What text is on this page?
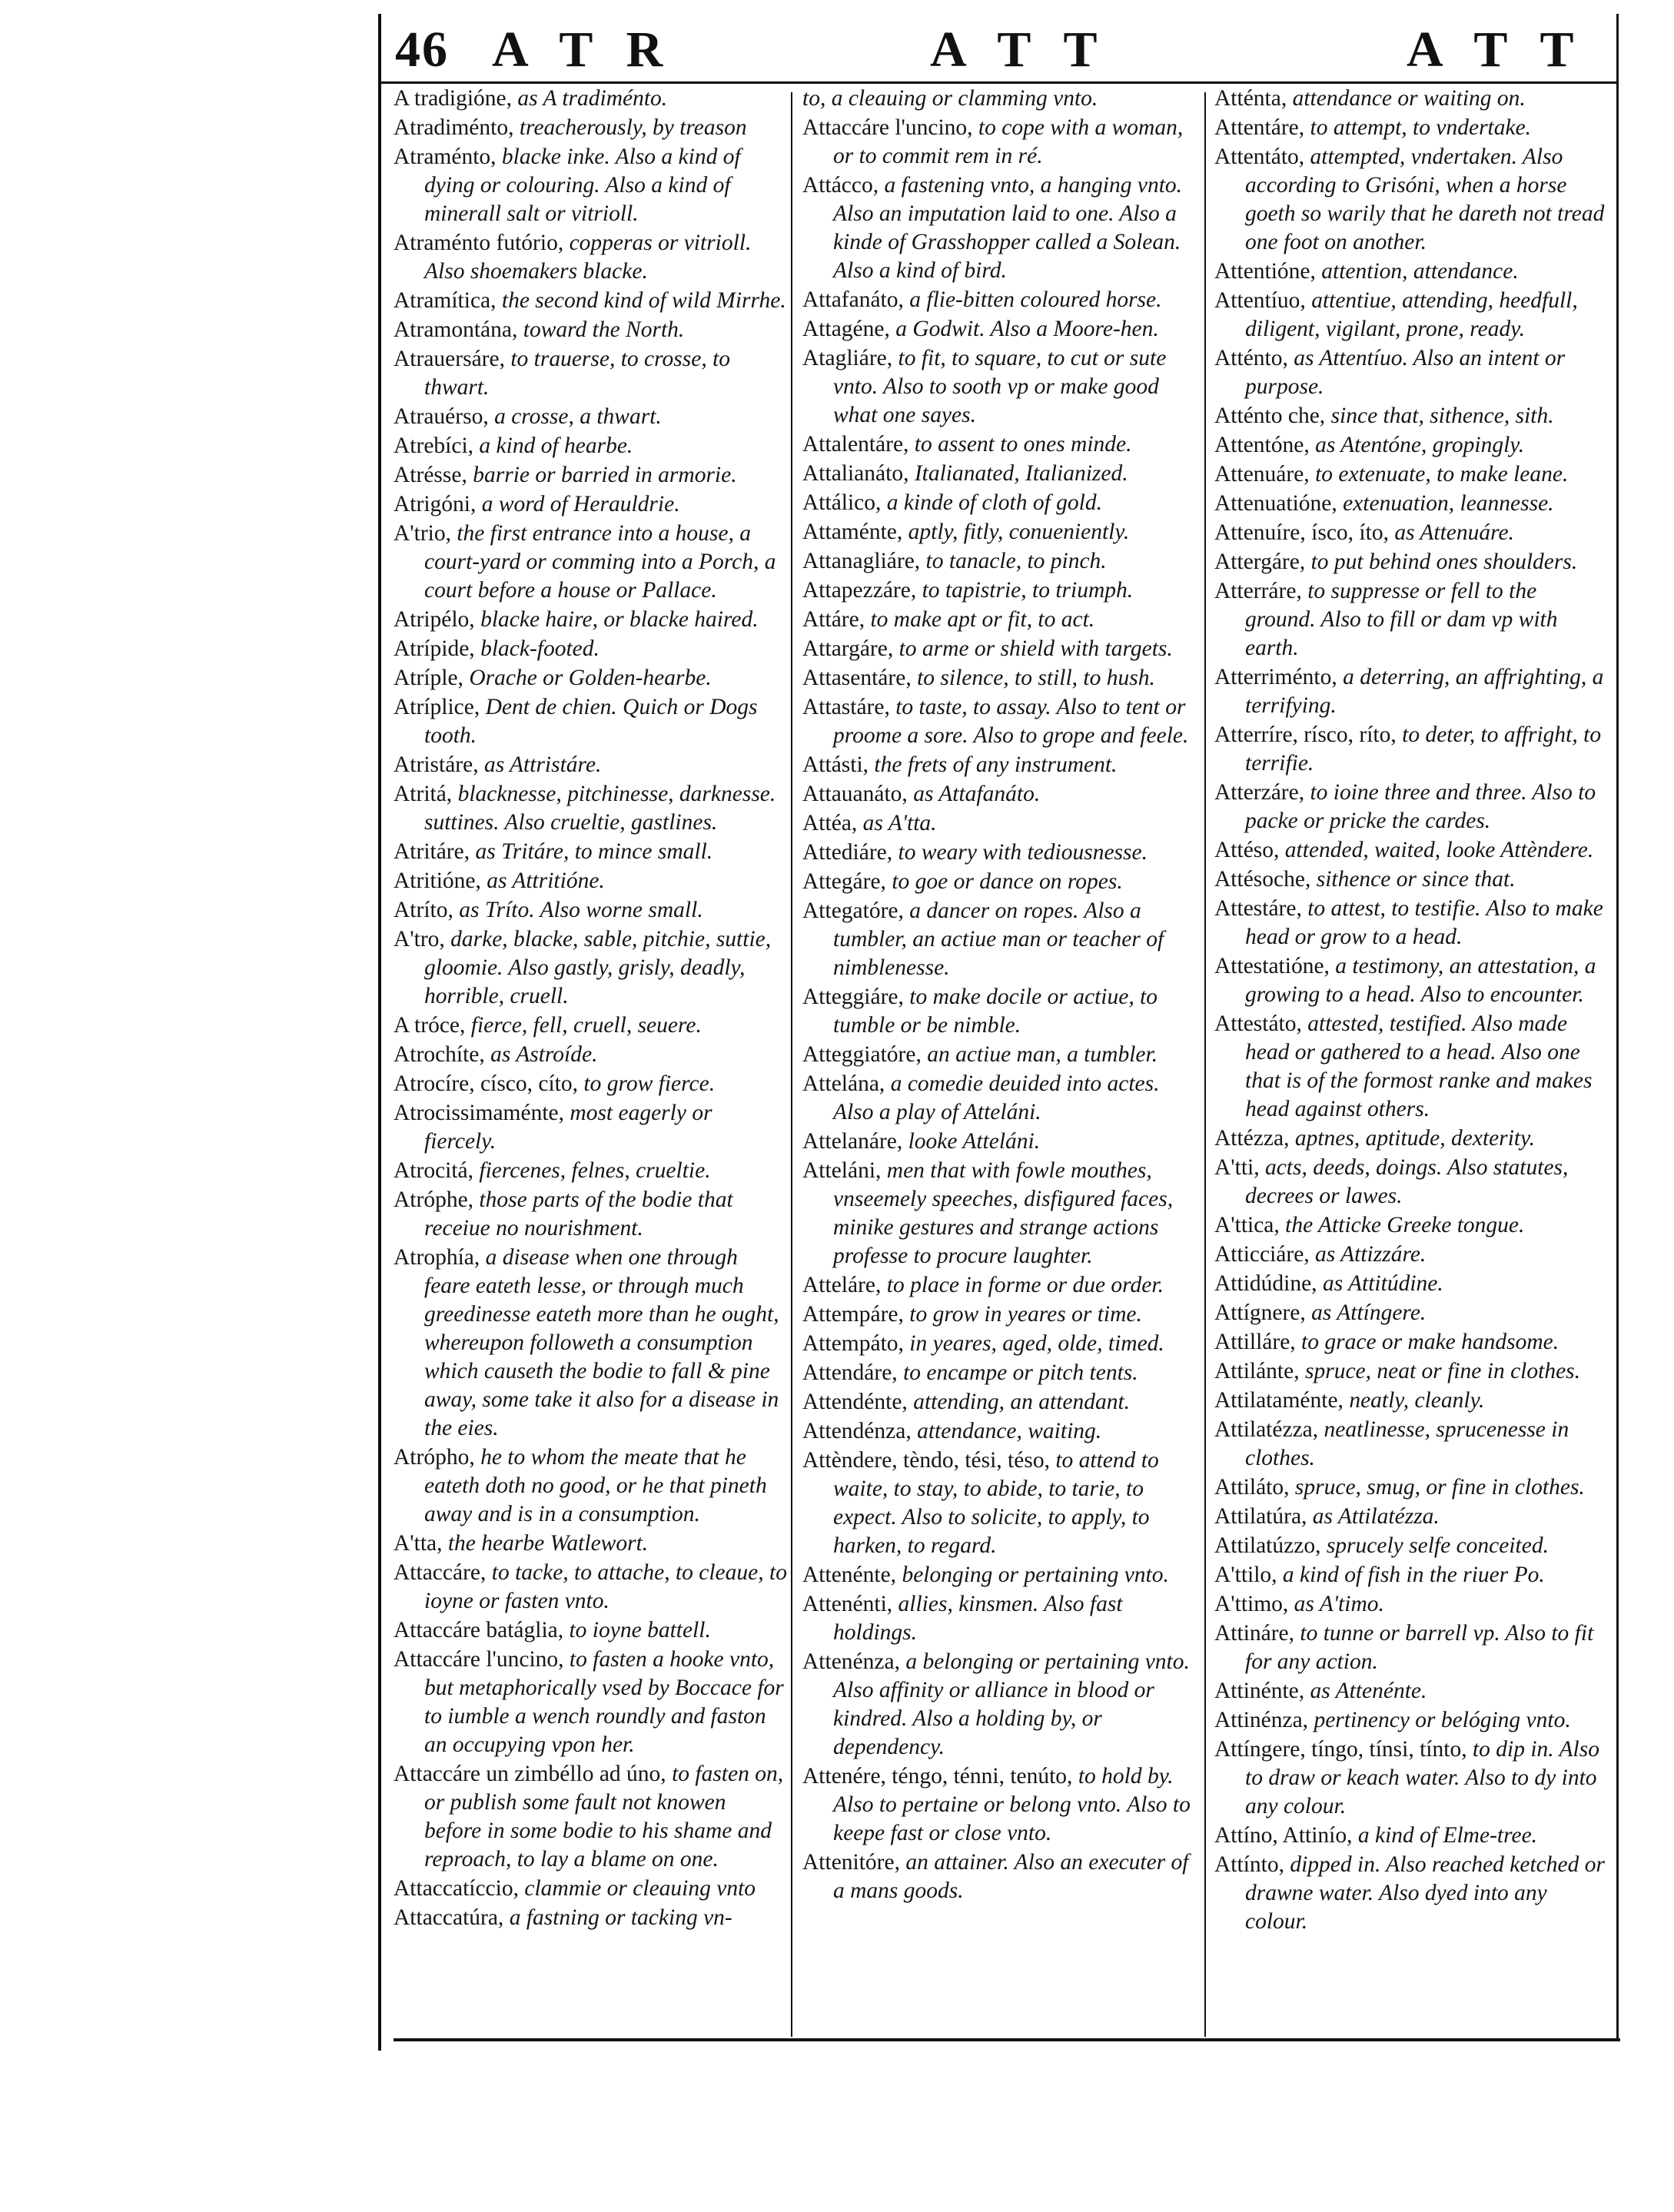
46 A T R	A T T	A T T
A tradigióne, as A tradiménto.
Atradiménto, treacherously, by treason
Atraménto, blacke inke. Also a kind of dying or colouring. Also a kind of minerall salt or vitrioll.
Atraménto futório, copperas or vitrioll. Also shoemakers blacke.
Atramítica, the second kind of wild Mirrhe.
Atramontána, toward the North.
Atrauersáre, to trauerse, to crosse, to thwart.
Atrauérso, a crosse, a thwart.
Atrebíci, a kind of hearbe.
Atrésse, barrie or barried in armorie.
Atrigóni, a word of Herauldrie.
A'trio, the first entrance into a house, a court-yard or comming into a Porch, a court before a house or Pallace.
Atripélo, blacke haire, or blacke haired.
Atrípide, black-footed.
Atríple, Orache or Golden-hearbe.
Atríplice, Dent de chien. Quich or Dogs tooth.
Atristáre, as Attristáre.
Atritá, blacknesse, pitchinesse, darknesse. suttines. Also crueltie, gastlines.
Atritáre, as Tritáre, to mince small.
Atritióne, as Attritióne.
Atríto, as Tríto. Also worne small.
A'tro, darke, blacke, sable, pitchie, suttie, gloomie. Also gastly, grisly, deadly, horrible, cruell.
A tróce, fierce, fell, cruell, seuere.
Atrochíte, as Astroíde.
Atrocíre, císco, cíto, to grow fierce.
Atrocissimaménte, most eagerly or fiercely.
Atrocitá, fiercenes, felnes, crueltie.
Atróphe, those parts of the bodie that receiue no nourishment.
Atrophía, a disease when one through feare eateth lesse, or through much greedinesse eateth more than he ought, whereupon followeth a consumption which causeth the bodie to fall & pine away, some take it also for a disease in the eies.
Atrópho, he to whom the meate that he eateth doth no good, or he that pineth away and is in a consumption.
A'tta, the hearbe Watlewort.
Attaccáre, to tacke, to attache, to cleaue, to ioyne or fasten vnto.
Attaccáre batáglia, to ioyne battell.
Attaccáre l'uncino, to fasten a hooke vnto, but metaphorically vsed by Boccace for to iumble a wench roundly and faston an occupying vpon her.
Attaccáre un zimbéllo ad úno, to fasten on, or publish some fault not knowen before in some bodie to his shame and reproach, to lay a blame on one.
Attaccatíccio, clammie or cleauing vnto
Attaccatúra, a fastning or tacking vn-
to, a cleauing or clamming vnto.
Attaccáre l'uncino, to cope with a woman, or to commit rem in ré.
Attácco, a fastening vnto, a hanging vnto. Also an imputation laid to one. Also a kinde of Grasshopper called a Solean. Also a kind of bird.
Attafanáto, a flie-bitten coloured horse.
Attagéne, a Godwit. Also a Moore-hen.
Atagliáre, to fit, to square, to cut or sute vnto. Also to sooth vp or make good what one sayes.
Attalentáre, to assent to ones minde.
Attalianáto, Italianated, Italianized.
Attálico, a kinde of cloth of gold.
Attaménte, aptly, fitly, conueniently.
Attanagliáre, to tanacle, to pinch.
Attapezzáre, to tapistrie, to triumph.
Attáre, to make apt or fit, to act.
Attargáre, to arme or shield with targets.
Attasentáre, to silence, to still, to hush.
Attastáre, to taste, to assay. Also to tent or proome a sore. Also to grope and feele.
Attásti, the frets of any instrument.
Attauanáto, as Attafanáto.
Attéa, as A'tta.
Attediáre, to weary with tediousnesse.
Attegáre, to goe or dance on ropes.
Attegatóre, a dancer on ropes. Also a tumbler, an actiue man or teacher of nimblenesse.
Atteggiáre, to make docile or actiue, to tumble or be nimble.
Atteggiatóre, an actiue man, a tumbler.
Attelána, a comedie deuided into actes. Also a play of Atteláni.
Attelanáre, looke Atteláni.
Atteláni, men that with fowle mouthes, vnseemely speeches, disfigured faces, minike gestures and strange actions professe to procure laughter.
Atteláre, to place in forme or due order.
Attempáre, to grow in yeares or time.
Attempáto, in yeares, aged, olde, timed.
Attendáre, to encampe or pitch tents.
Attendénte, attending, an attendant.
Attendénza, attendance, waiting.
Attèndere, tèndo, tési, téso, to attend to waite, to stay, to abide, to tarie, to expect. Also to solicite, to apply, to harken, to regard.
Attenénte, belonging or pertaining vnto.
Attenénti, allies, kinsmen. Also fast holdings.
Attenénza, a belonging or pertaining vnto. Also affinity or alliance in blood or kindred. Also a holding by, or dependency.
Attenére, téngo, ténni, tenúto, to hold by. Also to pertaine or belong vnto. Also to keepe fast or close vnto.
Attenitóre, an attainer. Also an executer of a mans goods.
Atténta, attendance or waiting on.
Attentáre, to attempt, to vndertake.
Attentáto, attempted, vndertaken. Also according to Grisóni, when a horse goeth so warily that he dareth not tread one foot on another.
Attentióne, attention, attendance.
Attentíuo, attentiue, attending, heedfull, diligent, vigilant, prone, ready.
Atténto, as Attentíuo. Also an intent or purpose.
Atténto che, since that, sithence, sith.
Attentóne, as Atentóne, gropingly.
Attenuáre, to extenuate, to make leane.
Attenuatióne, extenuation, leannesse.
Attenuíre, ísco, íto, as Attenuáre.
Attergáre, to put behind ones shoulders.
Atterráre, to suppresse or fell to the ground. Also to fill or dam vp with earth.
Atterriménto, a deterring, an affrighting, a terrifying.
Atterríre, rísco, ríto, to deter, to affright, to terrifie.
Atterzáre, to ioine three and three. Also to packe or pricke the cardes.
Attéso, attended, waited, looke Attèndere.
Attésoche, sithence or since that.
Attestáre, to attest, to testifie. Also to make head or grow to a head.
Attestatióne, a testimony, an attestation, a growing to a head. Also to encounter.
Attestáto, attested, testified. Also made head or gathered to a head. Also one that is of the formost ranke and makes head against others.
Attézza, aptnes, aptitude, dexterity.
A'tti, acts, deeds, doings. Also statutes, decrees or lawes.
A'ttica, the Atticke Greeke tongue.
Atticciáre, as Attizzáre.
Attidúdine, as Attitúdine.
Attígnere, as Attíngere.
Attilláre, to grace or make handsome.
Attilánte, spruce, neat or fine in clothes.
Attilataménte, neatly, cleanly.
Attilatézza, neatlinesse, sprucenesse in clothes.
Attiláto, spruce, smug, or fine in clothes.
Attilatúra, as Attilatézza.
Attilatúzzo, sprucely selfe conceited.
A'ttilo, a kind of fish in the riuer Po.
A'ttimo, as A'timo.
Attináre, to tunne or barrell vp. Also to fit for any action.
Attinénte, as Attenénte.
Attinénza, pertinency or belóging vnto.
Attíngere, tíngo, tínsi, tínto, to dip in. Also to draw or keach water. Also to dy into any colour.
Attíno, Attinío, a kind of Elme-tree.
Attínto, dipped in. Also reached ketched or drawne water. Also dyed into any colour.
